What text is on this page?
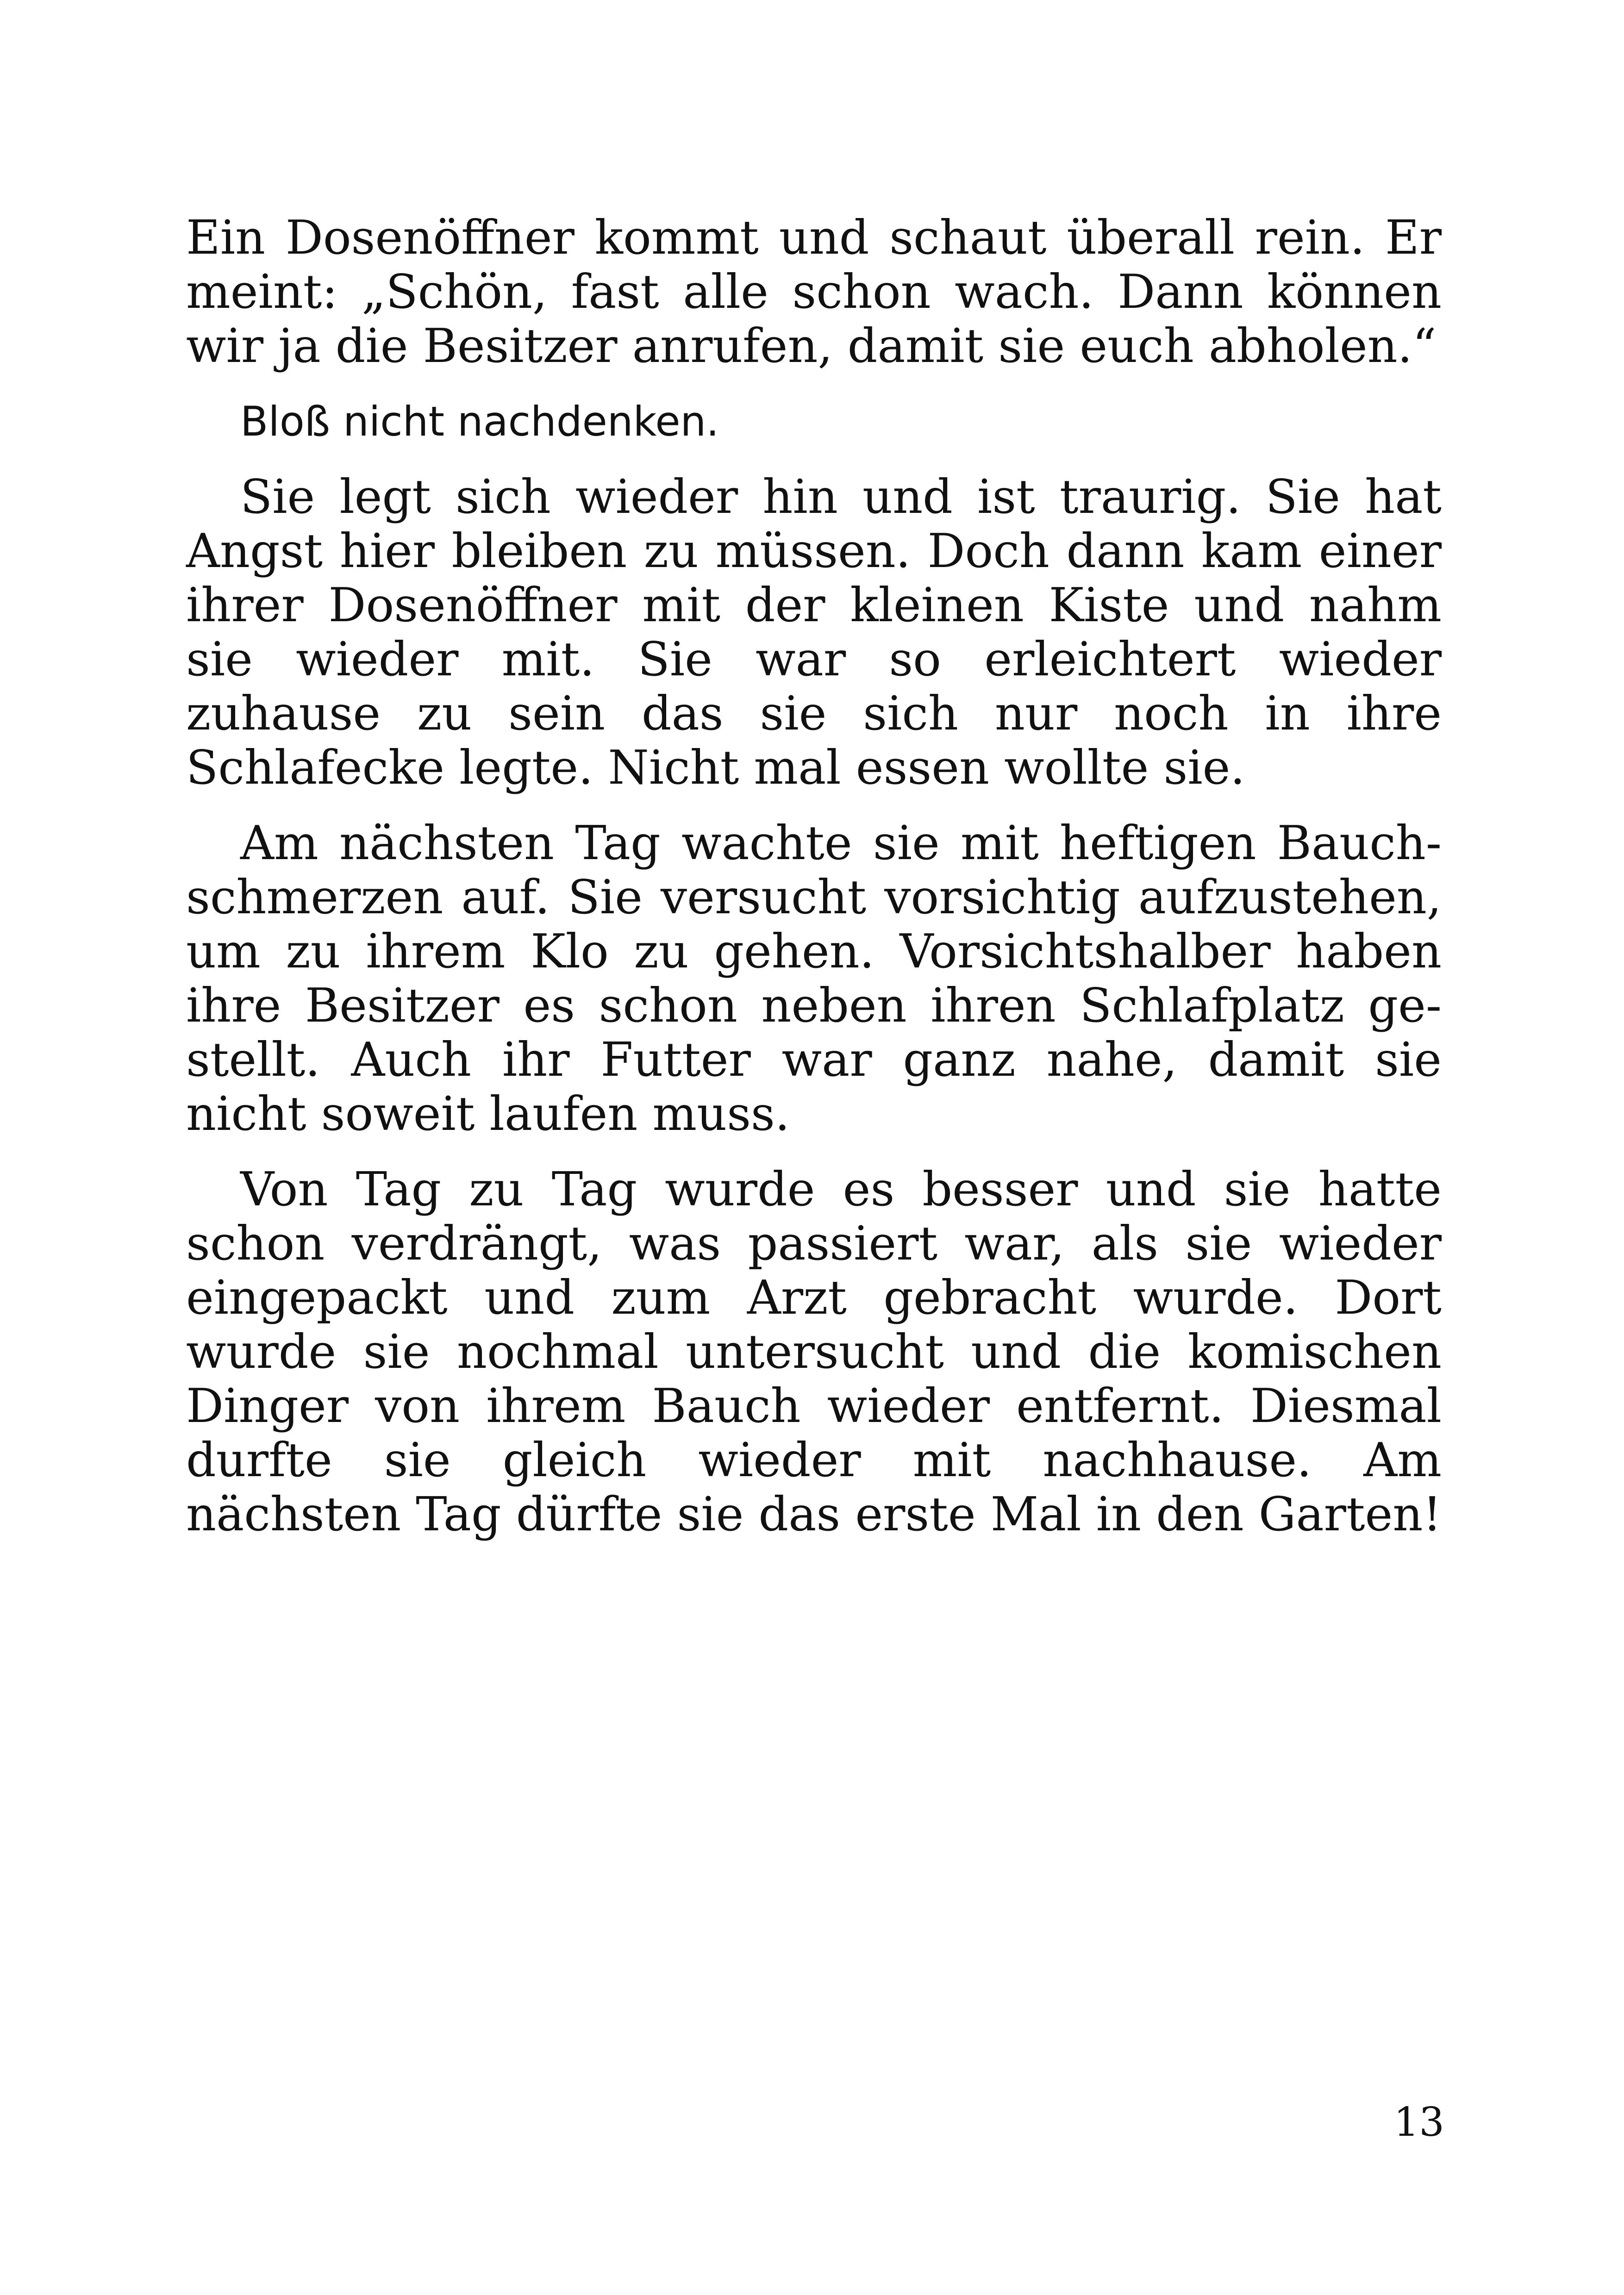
Ein Dosenöffner kommt und schaut überall rein. Er meint: „Schön, fast alle schon wach. Dann können wir ja die Besitzer anrufen, damit sie euch abholen.“

Bloß nicht nachdenken.

Sie legt sich wieder hin und ist traurig. Sie hat Angst hier bleiben zu müssen. Doch dann kam einer ihrer Dosenöffner mit der kleinen Kiste und nahm sie wieder mit. Sie war so erleichtert wieder zuhause zu sein das sie sich nur noch in ihre Schlafecke legte. Nicht mal essen wollte sie.

Am nächsten Tag wachte sie mit heftigen Bauchschmerzen auf. Sie versucht vorsichtig aufzustehen, um zu ihrem Klo zu gehen. Vorsichtshalber haben ihre Besitzer es schon neben ihren Schlafplatz gestellt. Auch ihr Futter war ganz nahe, damit sie nicht soweit laufen muss.

Von Tag zu Tag wurde es besser und sie hatte schon verdrängt, was passiert war, als sie wieder eingepackt und zum Arzt gebracht wurde. Dort wurde sie nochmal untersucht und die komischen Dinger von ihrem Bauch wieder entfernt. Diesmal durfte sie gleich wieder mit nachhause. Am nächsten Tag dürfte sie das erste Mal in den Garten!

13
